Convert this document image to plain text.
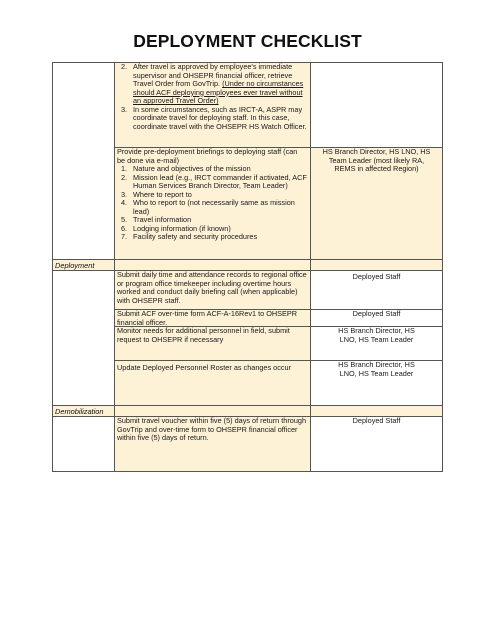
DEPLOYMENT CHECKLIST
2. After travel is approved by employee's immediate supervisor and OHSEPR financial officer, retrieve Travel Order from GovTrip. (Under no circumstances should ACF deploying employees ever travel without an approved Travel Order)
3. In some circumstances, such as IRCT-A, ASPR may coordinate travel for deploying staff. In this case, coordinate travel with the OHSEPR HS Watch Officer.
Provide pre-deployment briefings to deploying staff (can be done via e-mail)
1. Nature and objectives of the mission
2. Mission lead (e.g., IRCT commander if activated, ACF Human Services Branch Director, Team Leader)
3. Where to report to
4. Who to report to (not necessarily same as mission lead)
5. Travel information
6. Lodging information (if known)
7. Facility safety and security procedures
HS Branch Director, HS LNO, HS Team Leader (most likely RA, REMS in affected Region)
Deployment
Submit daily time and attendance records to regional office or program office timekeeper including overtime hours worked and conduct daily briefing call (when applicable) with OHSEPR staff.
Deployed Staff
Submit ACF over-time form ACF-A-16Rev1 to OHSEPR financial officer.
Deployed Staff
Monitor needs for additional personnel in field, submit request to OHSEPR if necessary
HS Branch Director, HS LNO, HS Team Leader
Update Deployed Personnel Roster as changes occur	HS Branch Director, HS LNO, HS Team Leader
Demobilization
Submit travel voucher within five (5) days of return through GovTrip and over-time form to OHSEPR financial officer within five (5) days of return.
Deployed Staff
